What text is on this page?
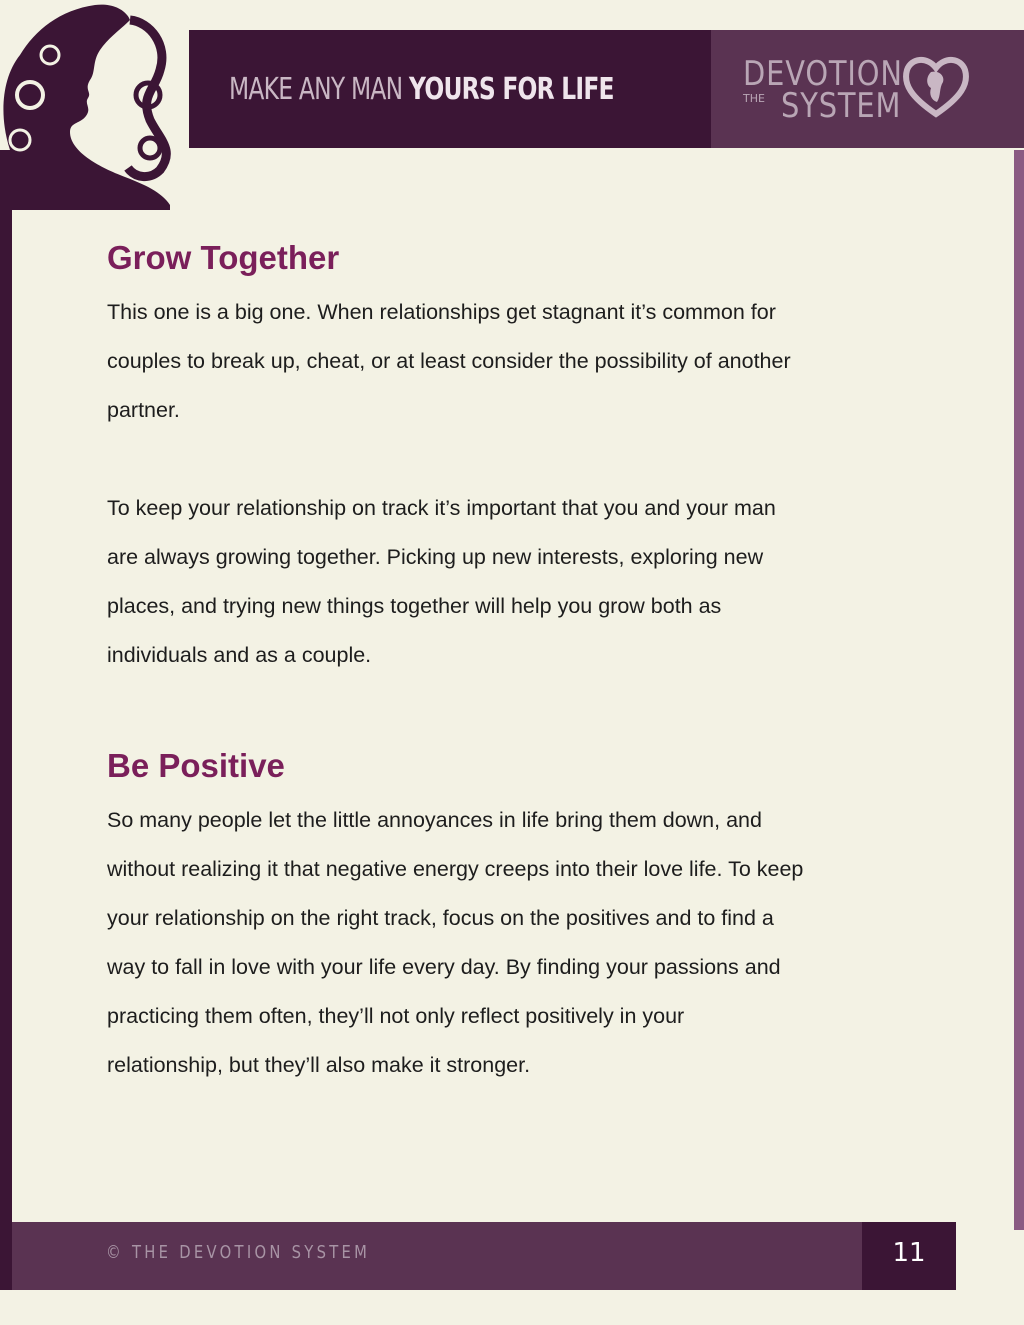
MAKE ANY MAN YOURS FOR LIFE	DEVOTION
THE SYSTEM
Grow Together

This one is a big one. When relationships get stagnant it’s common for
couples to break up, cheat, or at least consider the possibility of another
partner.

To keep your relationship on track it’s important that you and your man
are always growing together. Picking up new interests, exploring new
places, and trying new things together will help you grow both as
individuals and as a couple.

Be Positive

So many people let the little annoyances in life bring them down, and
without realizing it that negative energy creeps into their love life. To keep
your relationship on the right track, focus on the positives and to find a
way to fall in love with your life every day. By finding your passions and
practicing them often, they’ll not only reflect positively in your
relationship, but they’ll also make it stronger.

© THE DEVOTION SYSTEM	11
